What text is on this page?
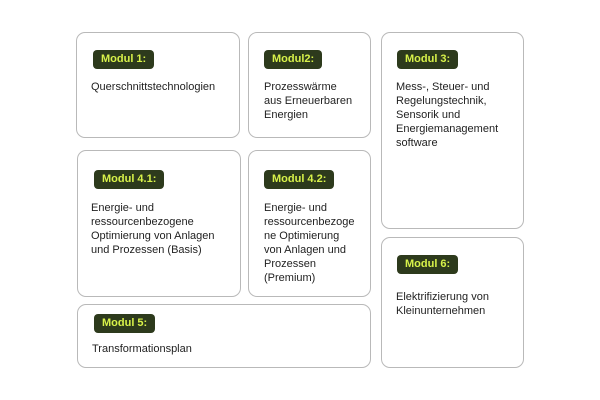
Modul 1:
Querschnittstechnologien
Modul2:
Prozesswärme
aus Erneuerbaren
Energien
Modul 3:
Mess-, Steuer- und
Regelungstechnik,
Sensorik und
Energiemanagement
software
Modul 4.1:
Energie- und
ressourcenbezogene
Optimierung von Anlagen
und Prozessen (Basis)
Modul 4.2:
Energie- und
ressourcenbezoge
ne Optimierung
von Anlagen und
Prozessen
(Premium)
Modul 6:
Elektrifizierung von
Kleinunternehmen
Modul 5:
Transformationsplan
